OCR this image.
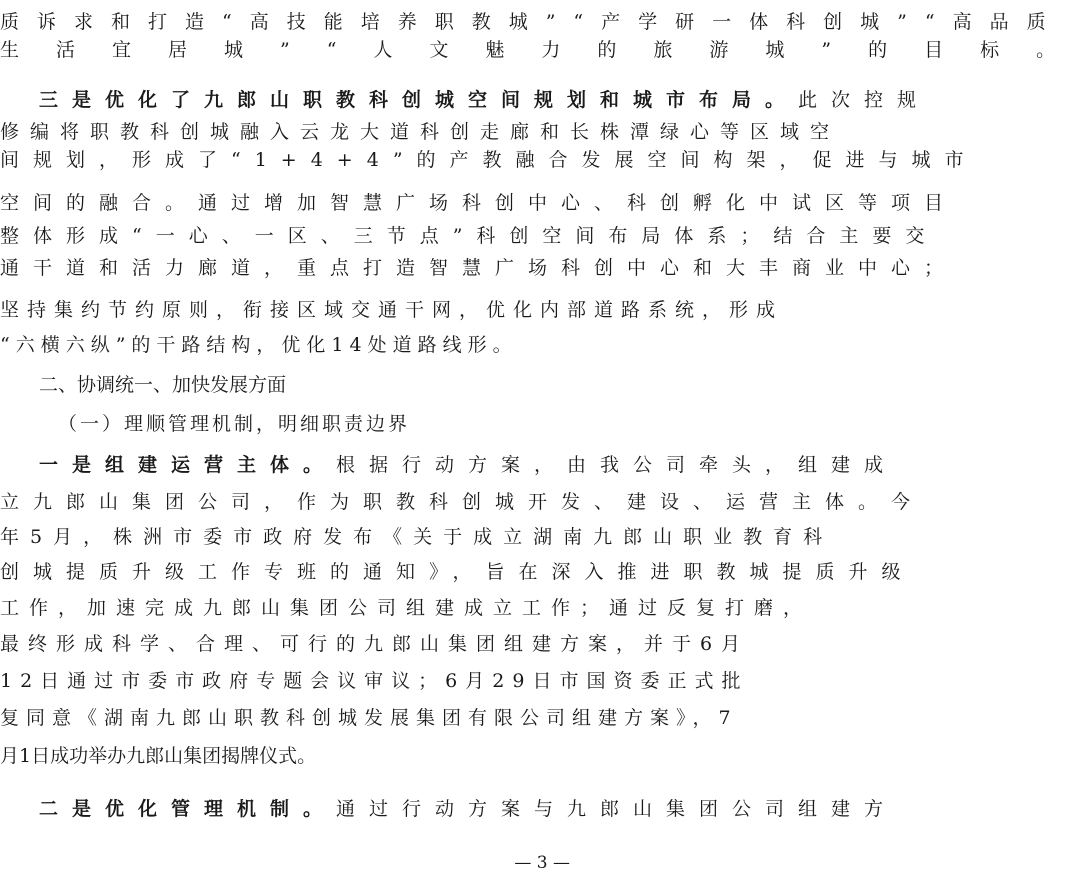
质诉求和打造“高技能培养职教城”“产学研一体科创城”“高品质
生活宜居城”“人文魅力的旅游城”的目标。
三是优化了九郎山职教科创城空间规划和城市布局。此次控规
修编将职教科创城融入云龙大道科创走廊和长株潭绿心等区域空
间规划，形成了“1+4+4”的产教融合发展空间构架，促进与城市
空间的融合。通过增加智慧广场科创中心、科创孵化中试区等项目
整体形成“一心、一区、三节点”科创空间布局体系；结合主要交
通干道和活力廊道，重点打造智慧广场科创中心和大丰商业中心；
坚持集约节约原则，衔接区域交通干网，优化内部道路系统，形成
“六横六纵”的干路结构，优化14处道路线形。
二、协调统一、加快发展方面
（一）理顺管理机制，明细职责边界
一是组建运营主体。根据行动方案，由我公司牵头，组建成
立九郎山集团公司，作为职教科创城开发、建设、运营主体。今
年5月，株洲市委市政府发布《关于成立湖南九郎山职业教育科
创城提质升级工作专班的通知》，旨在深入推进职教城提质升级
工作，加速完成九郎山集团公司组建成立工作；通过反复打磨，
最终形成科学、合理、可行的九郎山集团组建方案，并于6月
12日通过市委市政府专题会议审议；6月29日市国资委正式批
复同意《湖南九郎山职教科创城发展集团有限公司组建方案》，7
月1日成功举办九郎山集团揭牌仪式。
二是优化管理机制。通过行动方案与九郎山集团公司组建方
— 3 —
